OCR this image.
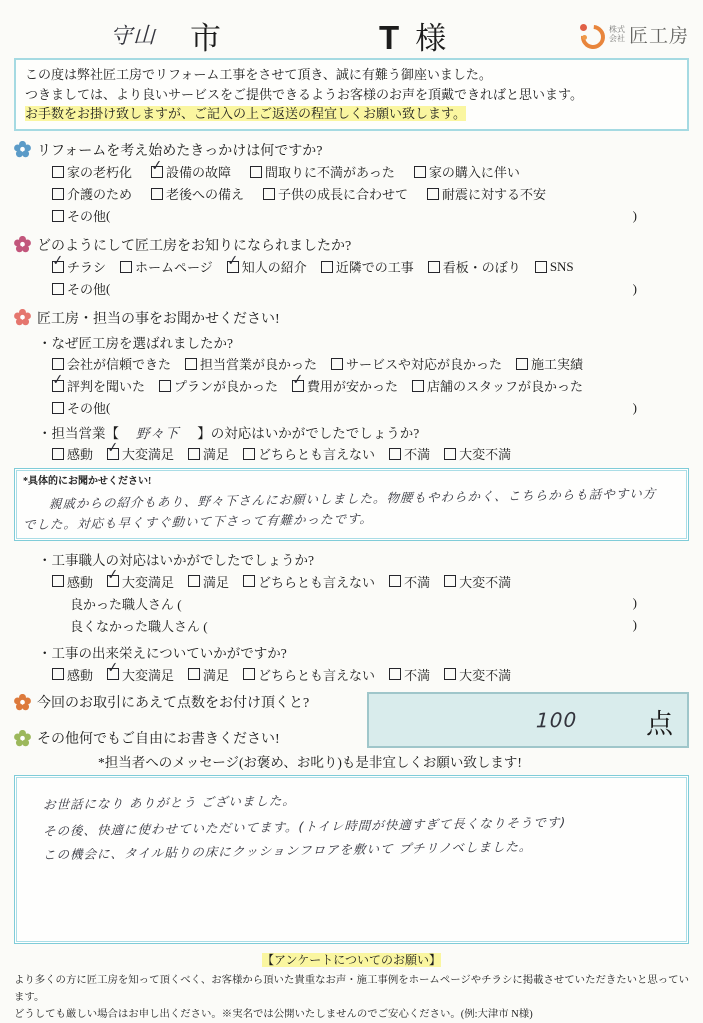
守山 市	T 様	株式会社 匠工房
この度は弊社匠工房でリフォーム工事をさせて頂き、誠に有難う御座いました。
つきましては、より良いサービスをご提供できるようお客様のお声を頂戴できればと思います。
お手数をお掛け致しますが、ご記入の上ご返送の程宜しくお願い致します。
リフォームを考え始めたきっかけは何ですか?
家の老朽化 ✓ 設備の故障	間取りに不満があった	家の購入に伴い
介護のため	老後への備え	子供の成長に合わせて	耐震に対する不安
その他 (	)
どのようにして匠工房をお知りになられましたか?
✓ チラシ ホームページ ✓ 知人の紹介 近隣での工事 看板・のぼり SNS
その他 (	)
匠工房・担当の事をお聞かせください!
・なぜ匠工房を選ばれましたか?
会社が信頼できた 担当営業が良かった サービスや対応が良かった 施工実績
✓ 評判を聞いた プランが良かった ✓ 費用が安かった 店舗のスタッフが良かった
その他 (	)
・担当営業【 野々下 】の対応はいかがでしたでしょうか?
感動 ✓ 大変満足 満足 どちらとも言えない 不満 大変不満
*具体的にお聞かせください!
親戚からの紹介もあり、野々下さんにお願いしました。物腰もやわらかく、こちらからも話やすい方 でした。対応も早くすぐ動いて下さって有難かったです。
・工事職人の対応はいかがでしたでしょうか?
感動 ✓ 大変満足 満足 どちらとも言えない 不満 大変不満
良かった職人さん (	)
良くなかった職人さん (	)
・工事の出来栄えについていかがですか?
感動 ✓ 大変満足 満足 どちらとも言えない 不満 大変不満
今回のお取引にあえて点数をお付け頂くと?
その他何でもご自由にお書きください!
100	点
*担当者へのメッセージ(お褒め、お叱り)も是非宜しくお願い致します!
お世話になり ありがとう ございました。 その後、快適に使わせていただいてます。(トイレ時間が快適すぎて長くなりそうです) この機会に、タイル貼りの床にクッションフロアを敷いて プチリノベしました。
【アンケートについてのお願い】
より多くの方に匠工房を知って頂くべく、お客様から頂いた貴重なお声・施工事例をホームページやチラシに掲載させていただきたいと思っています。
どうしても厳しい場合はお申し出ください。※実名では公開いたしませんのでご安心ください。(例:大津市 N様)
